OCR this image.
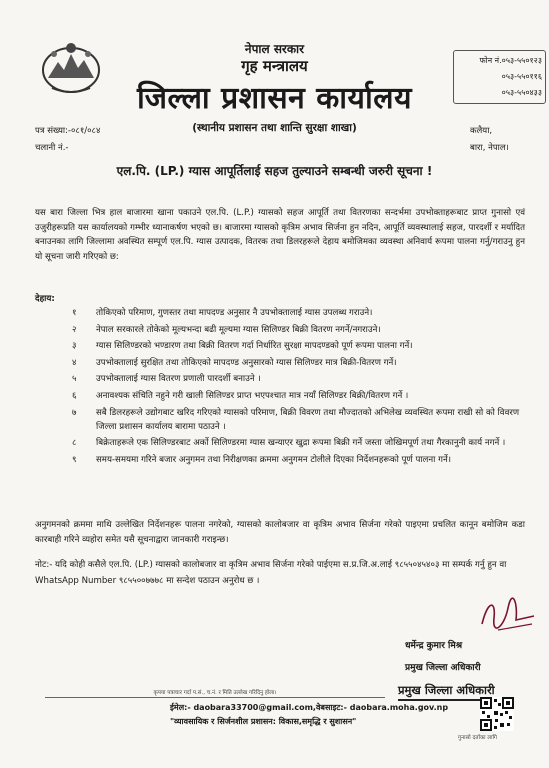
नेपाल सरकार
गृह मन्त्रालय
जिल्ला प्रशासन कार्यालय
(स्थानीय प्रशासन तथा शान्ति सुरक्षा शाखा)
फोन नं.०५३-५५०१२३
०५३-५५०११६
०५३-५५०४३३
पत्र संख्या:-०८१/०८४
चलानी नं.-
कलैया,
बारा, नेपाल।
एल.पि. (LP.) ग्यास आपूर्तिलाई सहज तुल्याउने सम्बन्धी जरुरी सूचना !
यस बारा जिल्ला भित्र हाल बाजारमा खाना पकाउने एल.पि. (L.P.) ग्यासको सहज आपूर्ति तथा वितरणका सन्दर्भमा उपभोक्ताहरूबाट प्राप्त गुनासो एवं उजुरीहरूप्रति यस कार्यालयको गम्भीर ध्यानाकर्षण भएको छ। बाजारमा ग्यासको कृत्रिम अभाव सिर्जना हुन नदिन, आपूर्ति व्यवस्थालाई सहज, पारदर्शी र मर्यादित बनाउनका लागि जिल्लामा अवस्थित सम्पूर्ण एल.पि. ग्यास उत्पादक, वितरक तथा डिलरहरूले देहाय बमोजिमका व्यवस्था अनिवार्य रूपमा पालना गर्नु/गराउनु हुन यो सूचना जारी गरिएको छ:
देहाय:
१	तोकिएको परिमाण, गुणस्तर तथा मापदण्ड अनुसार नै उपभोक्तालाई ग्यास उपलब्ध गराउने।
२	नेपाल सरकारले तोकेको मूल्यभन्दा बढी मूल्यमा ग्यास सिलिण्डर बिक्री वितरण नगर्ने/नगराउने।
३	ग्यास सिलिण्डरको भण्डारण तथा बिक्री वितरण गर्दा निर्धारित सुरक्षा मापदण्डको पूर्ण रूपमा पालना गर्ने।
४	उपभोक्तालाई सुरक्षित तथा तोकिएको मापदण्ड अनुसारको ग्यास सिलिण्डर मात्र बिक्री-वितरण गर्ने।
५	उपभोक्तालाई ग्यास वितरण प्रणाली पारदर्शी बनाउने ।
६	अनावश्यक संचिति नहुने गरी खाली सिलिण्डर प्राप्त भएपश्चात मात्र नयाँ सिलिण्डर बिक्री/वितरण गर्ने ।
७	सबै डिलरहरूले उद्योगबाट खरिद गरिएको ग्यासको परिमाण, बिक्री विवरण तथा मौज्दातको अभिलेख व्यवस्थित रूपमा राखी सो को विवरण जिल्ला प्रशासन कार्यालय बारामा पठाउने ।
८	बिक्रेताहरूले एक सिलिण्डरबाट अर्को सिलिण्डरमा ग्यास खन्याएर खुद्रा रूपमा बिक्री गर्ने जस्ता जोखिमपूर्ण तथा गैरकानुनी कार्य नगर्ने ।
९	समय-समयमा गरिने बजार अनुगमन तथा निरीक्षणका क्रममा अनुगमन टोलीले दिएका निर्देशनहरूको पूर्ण पालना गर्ने।
अनुगमनको क्रममा माथि उल्लेखित निर्देशनहरू पालना नगरेको, ग्यासको कालोबजार वा कृत्रिम अभाव सिर्जना गरेको पाइएमा प्रचलित कानून बमोजिम कडा कारबाही गरिने व्यहोरा समेत यसै सूचनाद्वारा जानकारी गराइन्छ।
नोट:- यदि कोही कसैले एल.पि. (LP.) ग्यासको कालोबजार वा कृत्रिम अभाव सिर्जना गरेको पाईएमा स.प्र.जि.अ.लाई ९८५५०४५४०३ मा सम्पर्क गर्नु हुन वा WhatsApp Number ९८५५००७७७८ मा सन्देश पठाउन अनुरोध छ ।
धर्मेन्द्र कुमार मिश्र
प्रमुख जिल्ला अधिकारी
प्रमुख जिल्ला अधिकारी
कृपया पत्राचार गर्दा प.सं., च.नं. र मिति उल्लेख गरिदिनु होला।
ईमेल:- daobara33700@gmail.com,वेबसाइट:- daobara.moha.gov.np
"व्यावसायिक र सिर्जनशील प्रशासन: विकास,समृद्धि र सुशासन"
गुनासो दर्ताका लागि
